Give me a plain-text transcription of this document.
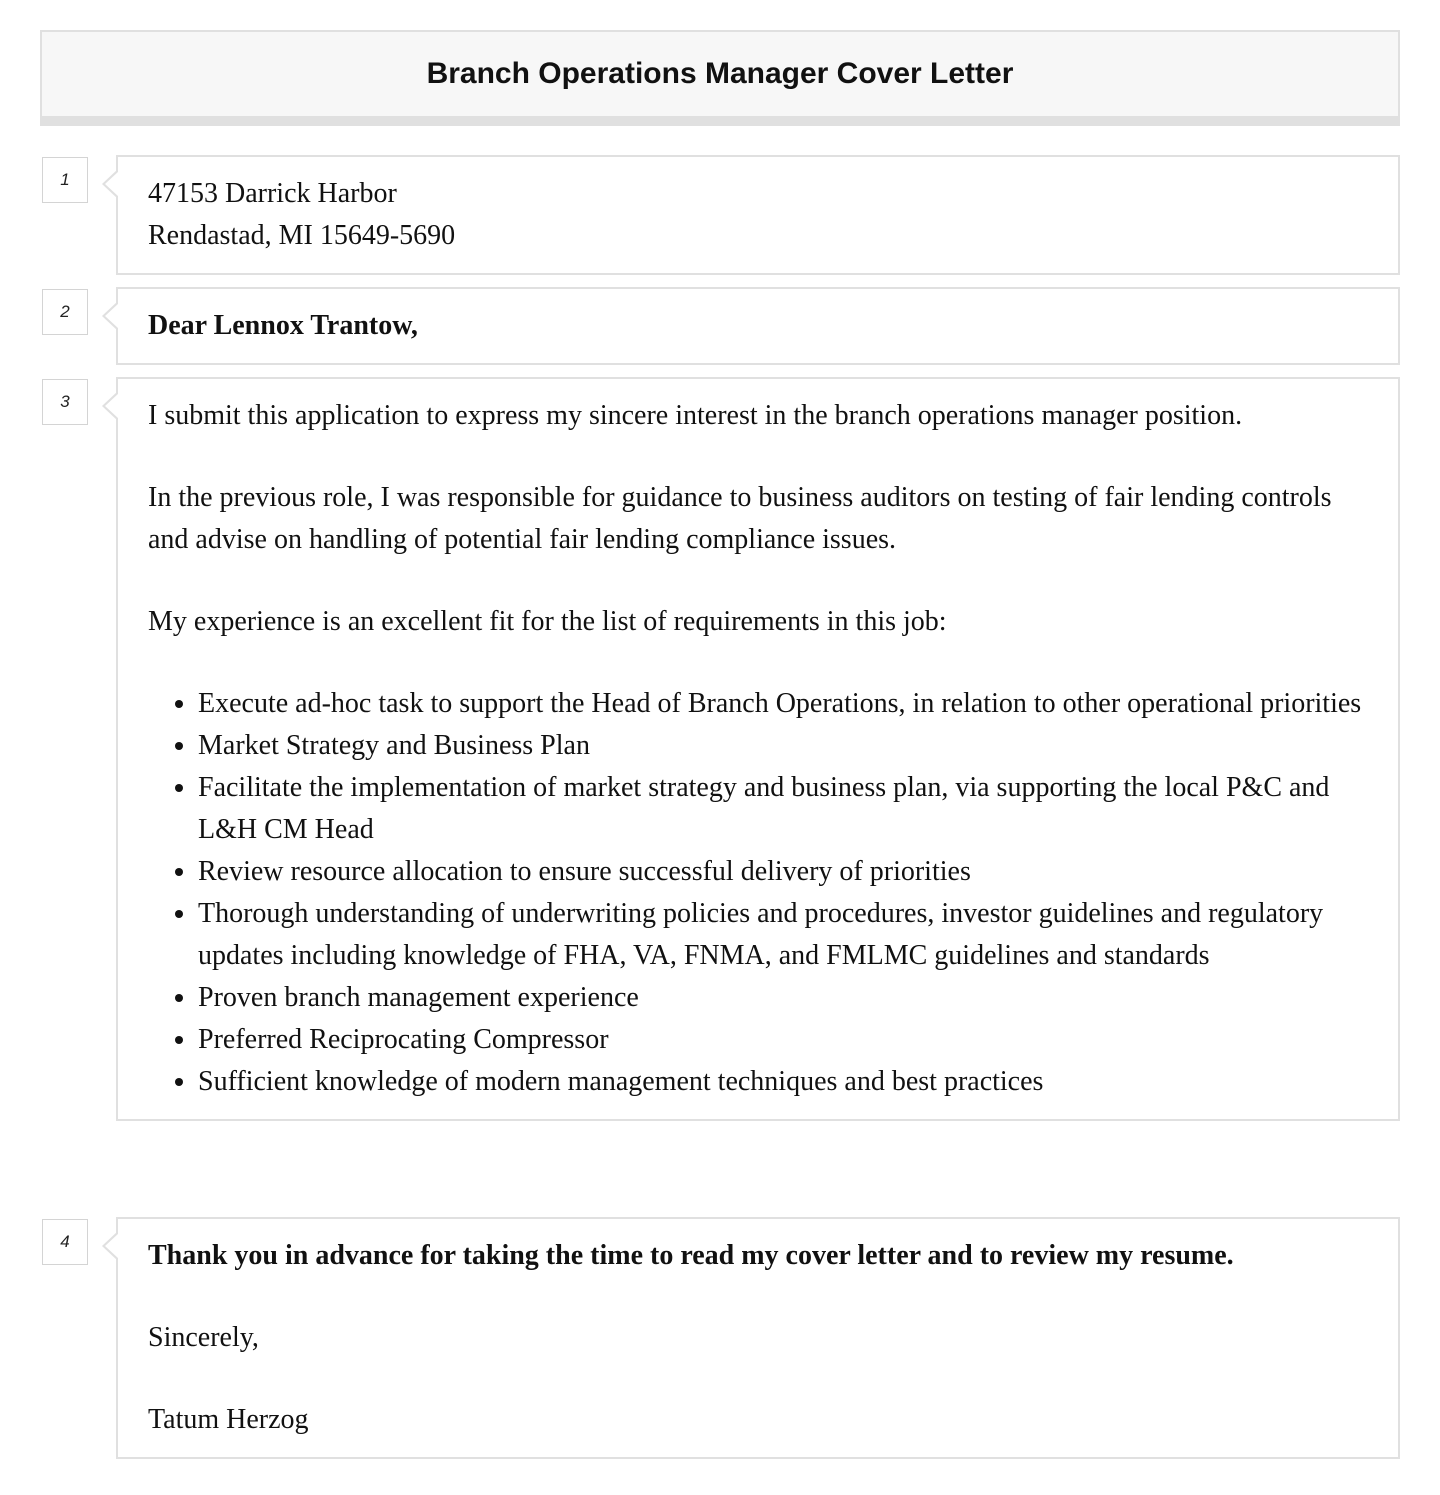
Branch Operations Manager Cover Letter
1	47153 Darrick Harbor

Rendastad, MI 15649-5690

2	Dear Lennox Trantow,

3	I submit this application to express my sincere interest in the branch operations manager position.

In the previous role, I was responsible for guidance to business auditors on testing of fair lending controls and advise on handling of potential fair lending compliance issues.

My experience is an excellent fit for the list of requirements in this job:

• Execute ad-hoc task to support the Head of Branch Operations, in relation to other operational priorities
• Market Strategy and Business Plan
• Facilitate the implementation of market strategy and business plan, via supporting the local P&C and L&H CM Head
• Review resource allocation to ensure successful delivery of priorities
• Thorough understanding of underwriting policies and procedures, investor guidelines and regulatory updates including knowledge of FHA, VA, FNMA, and FMLMC guidelines and standards
• Proven branch management experience
• Preferred Reciprocating Compressor
• Sufficient knowledge of modern management techniques and best practices
4	Thank you in advance for taking the time to read my cover letter and to review my resume.

Sincerely,

Tatum Herzog
